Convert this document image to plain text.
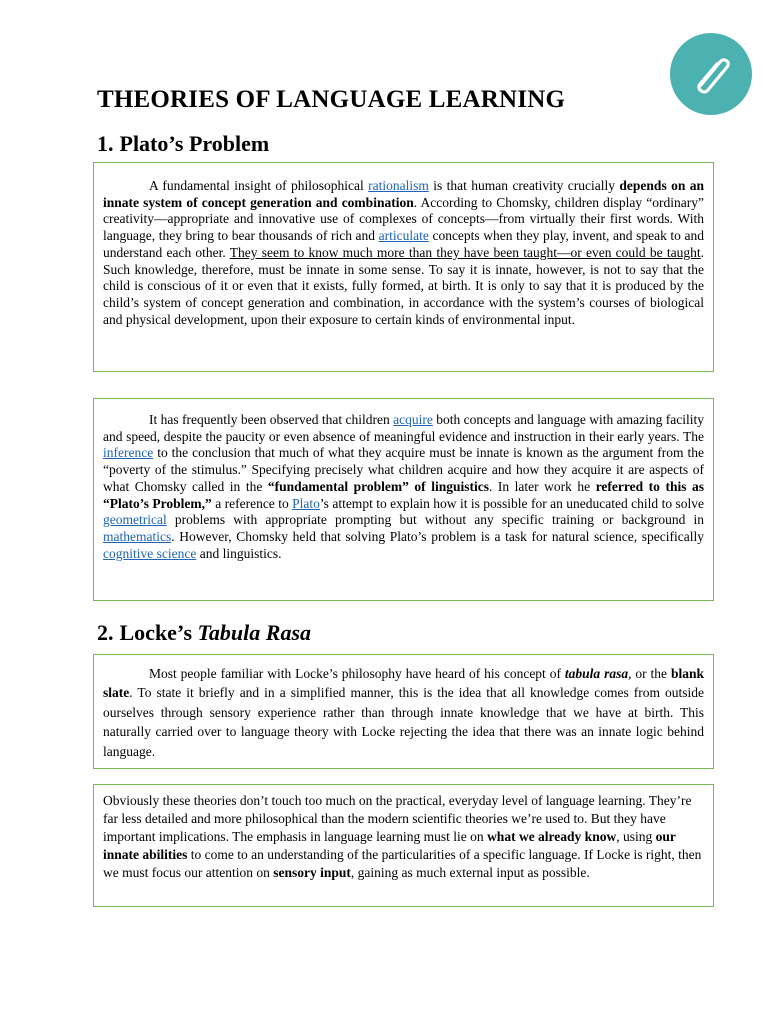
THEORIES OF LANGUAGE LEARNING
1. Plato’s Problem

A fundamental insight of philosophical rationalism is that human creativity crucially depends on an innate system of concept generation and combination. According to Chomsky, children display “ordinary” creativity—appropriate and innovative use of complexes of concepts—from virtually their first words. With language, they bring to bear thousands of rich and articulate concepts when they play, invent, and speak to and understand each other. They seem to know much more than they have been taught—or even could be taught. Such knowledge, therefore, must be innate in some sense. To say it is innate, however, is not to say that the child is conscious of it or even that it exists, fully formed, at birth. It is only to say that it is produced by the child’s system of concept generation and combination, in accordance with the system’s courses of biological and physical development, upon their exposure to certain kinds of environmental input.

It has frequently been observed that children acquire both concepts and language with amazing facility and speed, despite the paucity or even absence of meaningful evidence and instruction in their early years. The inference to the conclusion that much of what they acquire must be innate is known as the argument from the “poverty of the stimulus.” Specifying precisely what children acquire and how they acquire it are aspects of what Chomsky called in the “fundamental problem” of linguistics. In later work he referred to this as “Plato’s Problem,” a reference to Plato’s attempt to explain how it is possible for an uneducated child to solve geometrical problems with appropriate prompting but without any specific training or background in mathematics. However, Chomsky held that solving Plato’s problem is a task for natural science, specifically cognitive science and linguistics.

2. Locke’s Tabula Rasa

Most people familiar with Locke’s philosophy have heard of his concept of tabula rasa, or the blank slate. To state it briefly and in a simplified manner, this is the idea that all knowledge comes from outside ourselves through sensory experience rather than through innate knowledge that we have at birth. This naturally carried over to language theory with Locke rejecting the idea that there was an innate logic behind language.

Obviously these theories don’t touch too much on the practical, everyday level of language learning. They’re far less detailed and more philosophical than the modern scientific theories we’re used to. But they have important implications. The emphasis in language learning must lie on what we already know, using our innate abilities to come to an understanding of the particularities of a specific language. If Locke is right, then we must focus our attention on sensory input, gaining as much external input as possible.
